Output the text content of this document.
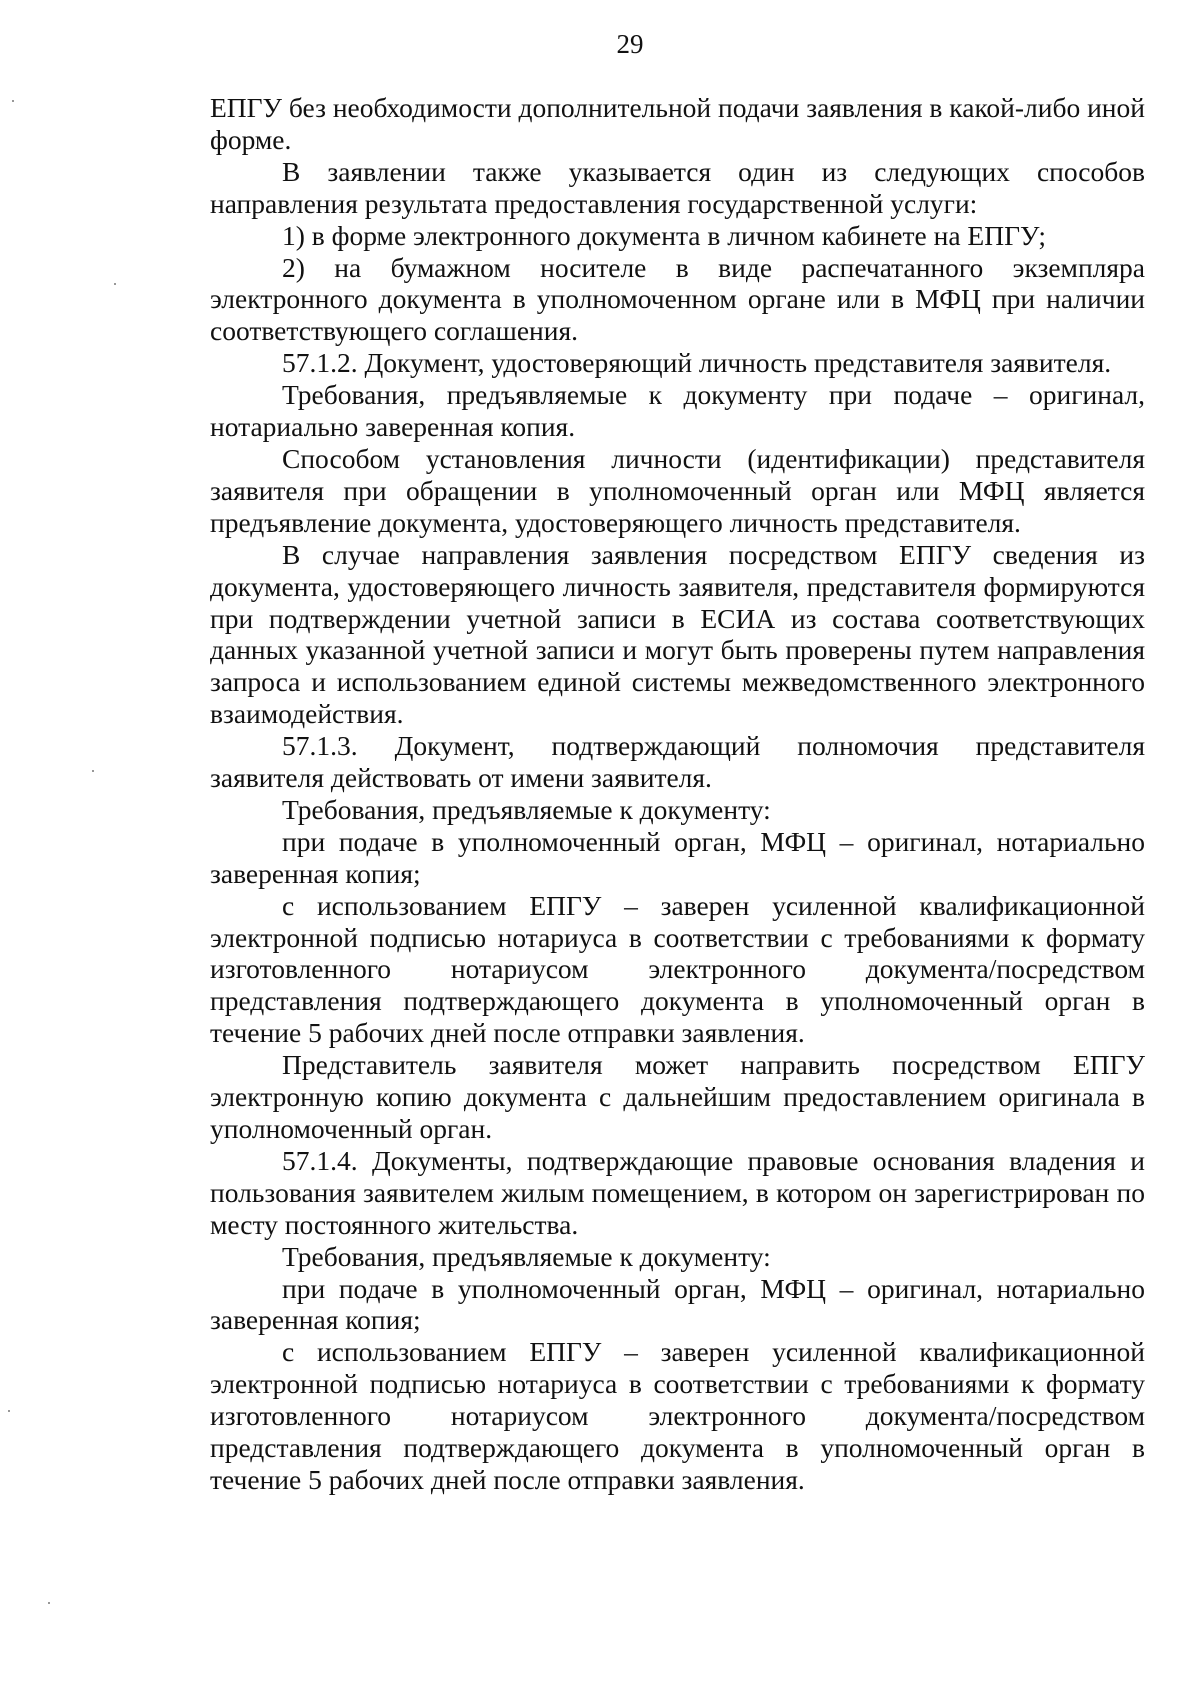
29

ЕПГУ без необходимости дополнительной подачи заявления в какой-либо иной форме.

В заявлении также указывается один из следующих способов направления результата предоставления государственной услуги:

1) в форме электронного документа в личном кабинете на ЕПГУ;

2) на бумажном носителе в виде распечатанного экземпляра электронного документа в уполномоченном органе или в МФЦ при наличии соответствующего соглашения.

57.1.2. Документ, удостоверяющий личность представителя заявителя.

Требования, предъявляемые к документу при подаче – оригинал, нотариально заверенная копия.

Способом установления личности (идентификации) представителя заявителя при обращении в уполномоченный орган или МФЦ является предъявление документа, удостоверяющего личность представителя.

В случае направления заявления посредством ЕПГУ сведения из документа, удостоверяющего личность заявителя, представителя формируются при подтверждении учетной записи в ЕСИА из состава соответствующих данных указанной учетной записи и могут быть проверены путем направления запроса и использованием единой системы межведомственного электронного взаимодействия.

57.1.3. Документ, подтверждающий полномочия представителя заявителя действовать от имени заявителя.

Требования, предъявляемые к документу:

при подаче в уполномоченный орган, МФЦ – оригинал, нотариально заверенная копия;

с использованием ЕПГУ – заверен усиленной квалификационной электронной подписью нотариуса в соответствии с требованиями к формату изготовленного нотариусом электронного документа/посредством представления подтверждающего документа в уполномоченный орган в течение 5 рабочих дней после отправки заявления.

Представитель заявителя может направить посредством ЕПГУ электронную копию документа с дальнейшим предоставлением оригинала в уполномоченный орган.

57.1.4. Документы, подтверждающие правовые основания владения и пользования заявителем жилым помещением, в котором он зарегистрирован по месту постоянного жительства.

Требования, предъявляемые к документу:

при подаче в уполномоченный орган, МФЦ – оригинал, нотариально заверенная копия;

с использованием ЕПГУ – заверен усиленной квалификационной электронной подписью нотариуса в соответствии с требованиями к формату изготовленного нотариусом электронного документа/посредством представления подтверждающего документа в уполномоченный орган в течение 5 рабочих дней после отправки заявления.
